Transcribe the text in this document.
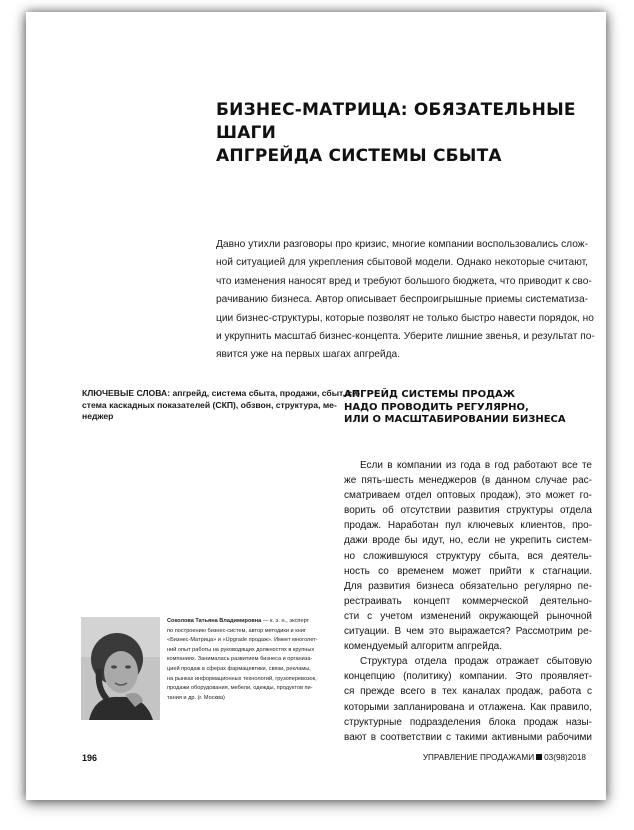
БИЗНЕС-МАТРИЦА: ОБЯЗАТЕЛЬНЫЕ ШАГИ
АПГРЕЙДА СИСТЕМЫ СБЫТА
Давно утихли разговоры про кризис, многие компании воспользовались слож-
ной ситуацией для укрепления сбытовой модели. Однако некоторые считают,
что изменения наносят вред и требуют большого бюджета, что приводит к сво-
рачиванию бизнеса. Автор описывает беспроигрышные приемы систематиза-
ции бизнес-структуры, которые позволят не только быстро навести порядок, но
и укрупнить масштаб бизнес-концепта. Уберите лишние звенья, и результат по-
явится уже на первых шагах апгрейда.
КЛЮЧЕВЫЕ СЛОВА: апгрейд, система сбыта, продажи, сбыт, си-
стема каскадных показателей (СКП), обзвон, структура, ме-
неджер
АПГРЕЙД СИСТЕМЫ ПРОДАЖ
НАДО ПРОВОДИТЬ РЕГУЛЯРНО,
ИЛИ О МАСШТАБИРОВАНИИ БИЗНЕСА
Если в компании из года в год работают все те
же пять-шесть менеджеров (в данном случае рас-
сматриваем отдел оптовых продаж), это может го-
ворить об отсутствии развития структуры отдела
продаж. Наработан пул ключевых клиентов, про-
дажи вроде бы идут, но, если не укрепить систем-
но сложившуюся структуру сбыта, вся деятель-
ность со временем может прийти к стагнации.
Для развития бизнеса обязательно регулярно пе-
рестраивать концепт коммерческой деятельно-
сти с учетом изменений окружающей рыночной
ситуации. В чем это выражается? Рассмотрим ре-
комендуемый алгоритм апгрейда.
Структура отдела продаж отражает сбытовую
концепцию (политику) компании. Это проявляет-
ся прежде всего в тех каналах продаж, работа с
которыми запланирована и отлажена. Как правило,
структурные подразделения блока продаж назы-
вают в соответствии с такими активными рабочими
Соколова Татьяна Владимировна — к. э. н., эксперт
по построению бизнес-систем, автор методики и книг
«Бизнес-Матрица» и «Upgrade продаж». Имеет многолет-
ний опыт работы на руководящих должностях в крупных
компаниях. Занималась развитием бизнеса и организа-
цией продаж в сферах фармацевтики, связи, рекламы,
на рынках информационных технологий, грузоперевозок,
продажи оборудования, мебели, одежды, продуктов пи-
тания и др. (г. Москва)
196	УПРАВЛЕНИЕ ПРОДАЖАМИ 03(98)2018
